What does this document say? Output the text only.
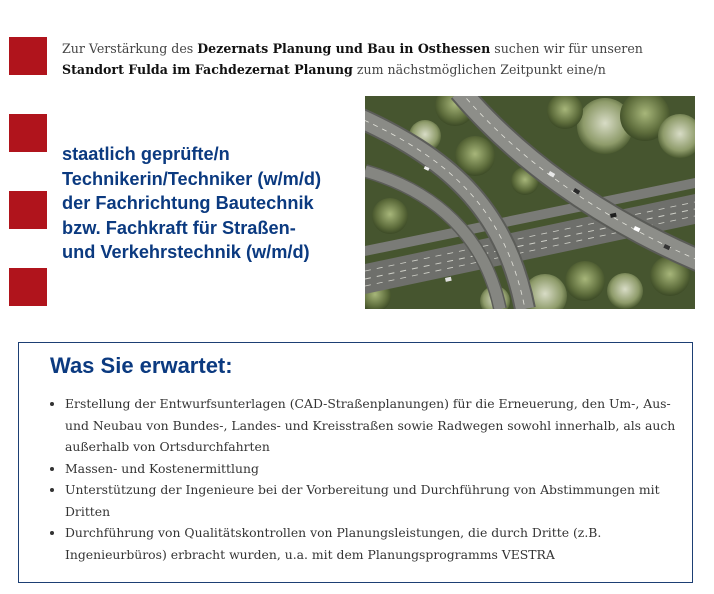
Zur Verstärkung des Dezernats Planung und Bau in Osthessen suchen wir für unseren
Standort Fulda im Fachdezernat Planung zum nächstmöglichen Zeitpunkt eine/n
staatlich geprüfte/n
Technikerin/Techniker (w/m/d)
der Fachrichtung Bautechnik
bzw. Fachkraft für Straßen-
und Verkehrstechnik (w/m/d)
Was Sie erwartet:
• Erstellung der Entwurfsunterlagen (CAD-Straßenplanungen) für die Erneuerung, den Um-, Aus- und Neubau von Bundes-, Landes- und Kreisstraßen sowie Radwegen sowohl innerhalb, als auch außerhalb von Ortsdurchfahrten
• Massen- und Kostenermittlung
• Unterstützung der Ingenieure bei der Vorbereitung und Durchführung von Abstimmungen mit Dritten
• Durchführung von Qualitätskontrollen von Planungsleistungen, die durch Dritte (z.B. Ingenieurbüros) erbracht wurden, u.a. mit dem Planungsprogramms VESTRA
